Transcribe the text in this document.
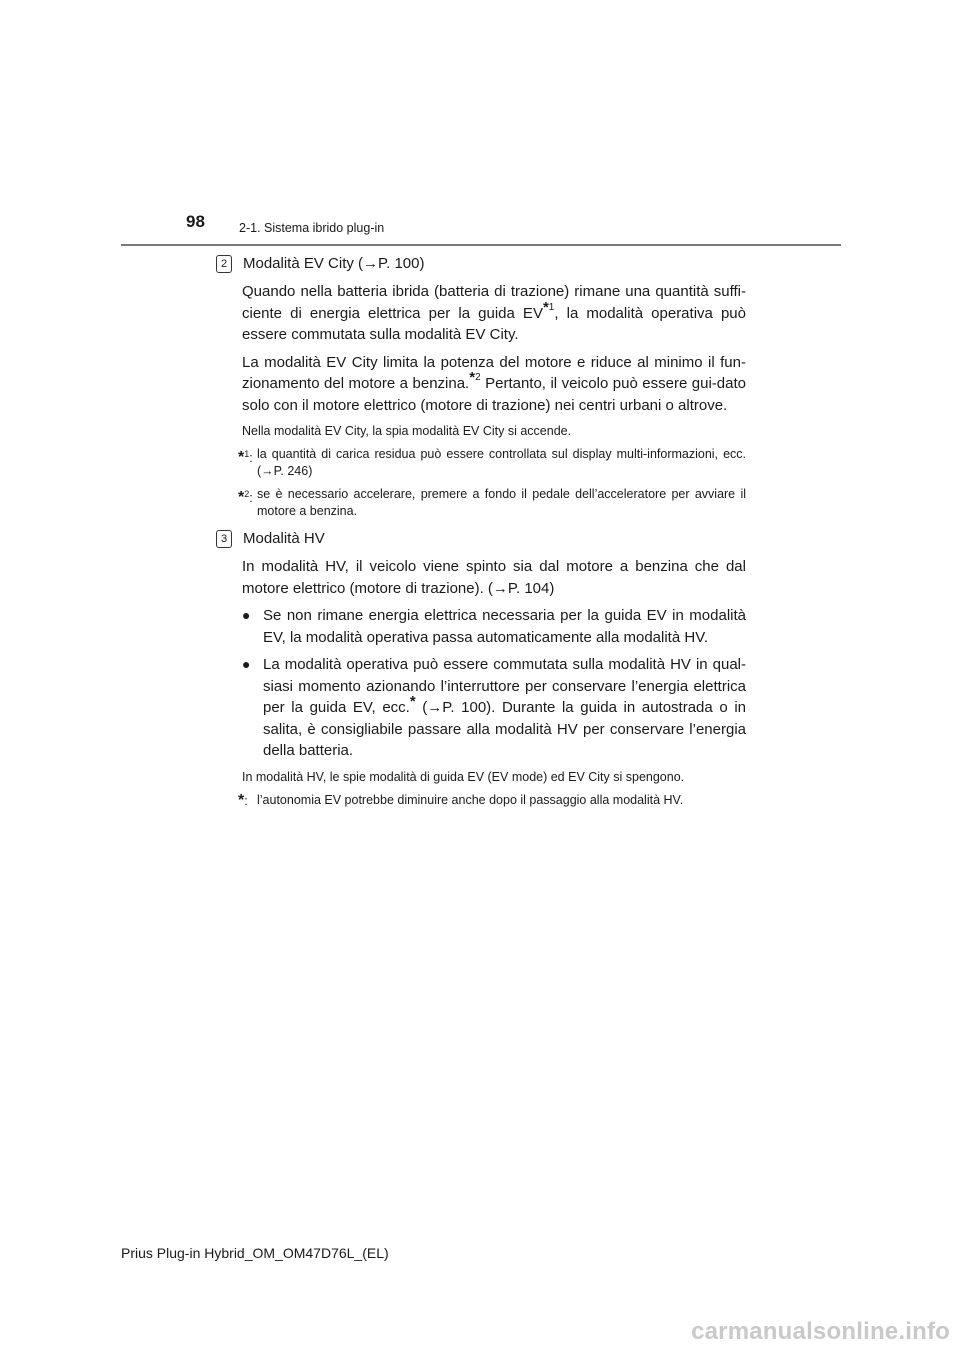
98	2-1. Sistema ibrido plug-in
2	Modalità EV City (→P. 100)

Quando nella batteria ibrida (batteria di trazione) rimane una quantità suffi-ciente di energia elettrica per la guida EV$^{*1}$, la modalità operativa può essere commutata sulla modalità EV City.

La modalità EV City limita la potenza del motore e riduce al minimo il fun-zionamento del motore a benzina.$^{*2}$ Pertanto, il veicolo può essere gui-dato solo con il motore elettrico (motore di trazione) nei centri urbani o altrove.

Nella modalità EV City, la spia modalità EV City si accende.
*$^1$: la quantità di carica residua può essere controllata sul display multi-informazioni, ecc. (→P. 246)
*$^2$: se è necessario accelerare, premere a fondo il pedale dell’acceleratore per avviare il motore a benzina.
3	Modalità HV

In modalità HV, il veicolo viene spinto sia dal motore a benzina che dal motore elettrico (motore di trazione). (→P. 104)

● Se non rimane energia elettrica necessaria per la guida EV in modalità EV, la modalità operativa passa automaticamente alla modalità HV.
● La modalità operativa può essere commutata sulla modalità HV in qual-siasi momento azionando l’interruttore per conservare l’energia elettrica per la guida EV, ecc.* (→P. 100). Durante la guida in autostrada o in salita, è consigliabile passare alla modalità HV per conservare l’energia della batteria.
In modalità HV, le spie modalità di guida EV (EV mode) ed EV City si spengono.
*: l’autonomia EV potrebbe diminuire anche dopo il passaggio alla modalità HV.
Prius Plug-in Hybrid_OM_OM47D76L_(EL)
carmanualsonline.info
